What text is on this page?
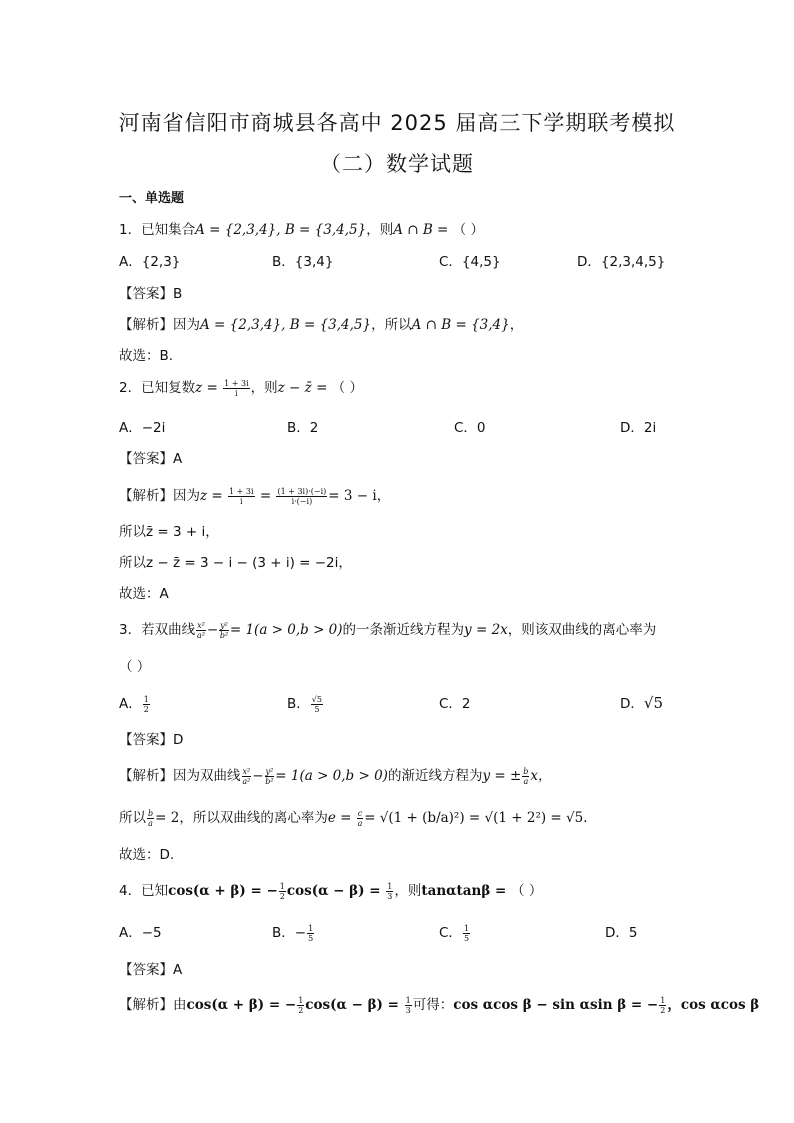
河南省信阳市商城县各高中 2025 届高三下学期联考模拟
（二）数学试题
一、单选题
1．已知集合A = {2,3,4}, B = {3,4,5}，则A ∩ B = （ ）
A．{2,3}	B．{3,4}	C．{4,5}	D．{2,3,4,5}
【答案】B
【解析】因为A = {2,3,4}, B = {3,4,5}，所以A ∩ B = {3,4}，
故选：B.
2．已知复数$z = \frac{1 + 3i}{i}$ ，则z − z̄ = （ ）
A．−2i	B．2	C．0	D．2i
【答案】A
【解析】因为$z = \frac{1 + 3i}{i} = \frac{(1 + 3i)\cdot(-i)}{i\cdot(-i)} = 3 - i$，
所以z̄ = 3 + i，
所以z − z̄ = 3 − i − (3 + i) = −2i，
故选：A
3．若双曲线 $\frac{\text{x²}}{\text{a²}} - \frac{\text{y²}}{\text{b²}} = 1(a > 0,b > 0)$的一条渐近线方程为y = 2x，则该双曲线的离心率为
（ ）
A． $\frac{1}{2}$	B． $\frac{√5}{5}$	C．2	D．√5
【答案】D
【解析】因为双曲线 $\frac{\text{x²}}{\text{a²}} - \frac{\text{y²}}{\text{b²}} = 1(a > 0,b > 0)$的渐近线方程为y = ± $\frac{b}{a}$ x，
所以 $\frac{b}{a} = 2$，所以双曲线的离心率为$e = \frac{c}{a} = √(1 + (b/a)^2) = √(1 + 2^2) = √5$.
故选：D.
4．已知cos(α + β) = − $\frac{1}{2} \cos(\alpha - \beta) = \frac{1}{3}$ ，则tanαtanβ = （ ）
A．−5	B．− $\frac{1}{5}$	C． $\frac{1}{5}$	D．5
【答案】A
【解析】由cos(α + β) = − $\frac{1}{2} \cos(\alpha - \beta) = \frac{1}{3}$ 可得：cos αcos β − sin αsin β = − $\frac{1}{2}$ ，cos αcos β
